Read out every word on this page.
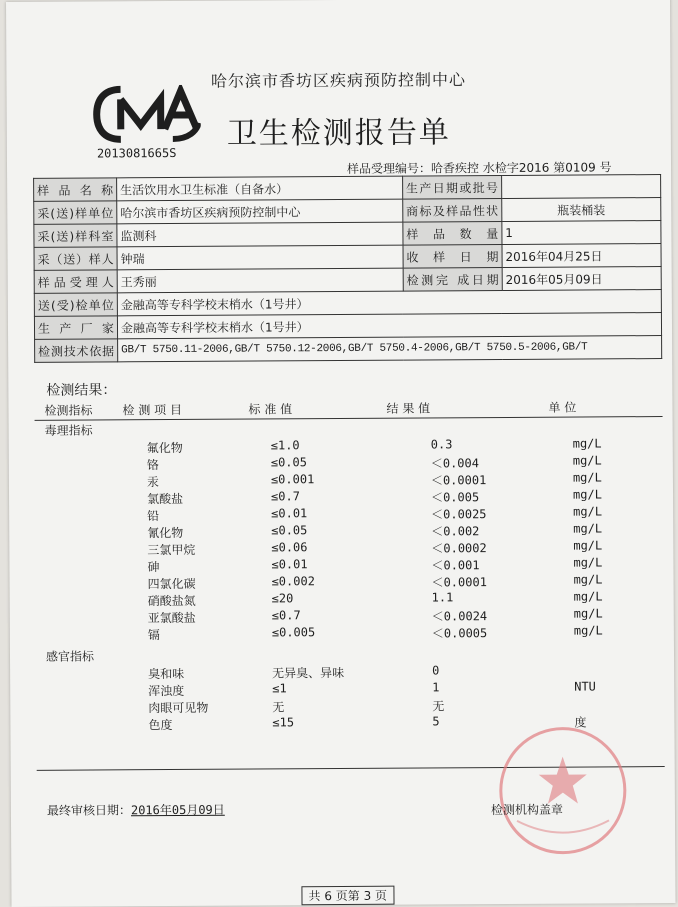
哈尔滨市香坊区疾病预防控制中心
2013081665S
卫生检测报告单
样品受理编号：哈香疾控 水检字2016 第0109 号
样 品 名 称	生活饮用水卫生标准（自备水）	生产日期或批号	
采(送)样单位	哈尔滨市香坊区疾病预防控制中心	商标及样品性状	瓶装桶装
采(送)样科室	监测科	样 品 数 量	1
采（送）样人	钟瑞	收 样 日 期	2016年04月25日
样品受理人	王秀丽	检测完 成日期	2016年05月09日
送(受)检单位	金融高等专科学校末梢水（1号井）		
生 产 厂 家	金融高等专科学校末梢水（1号井）		
检测技术依据	GB/T 5750.11-2006,GB/T 5750.12-2006,GB/T 5750.4-2006,GB/T 5750.5-2006,GB/T		
检测结果：
检测指标 检 测 项 目	标 准 值	结 果 值	单 位
毒理指标
氟化物	≤1.0	0.3	mg/L
铬	≤0.05	＜0.004	mg/L
汞	≤0.001	＜0.0001	mg/L
氯酸盐	≤0.7	＜0.005	mg/L
铅	≤0.01	＜0.0025	mg/L
氰化物	≤0.05	＜0.002	mg/L
三氯甲烷	≤0.06	＜0.0002	mg/L
砷	≤0.01	＜0.001	mg/L
四氯化碳	≤0.002	＜0.0001	mg/L
硝酸盐氮	≤20	1.1	mg/L
亚氯酸盐	≤0.7	＜0.0024	mg/L
镉	≤0.005	＜0.0005	mg/L
感官指标
臭和味	无异臭、异味	0
浑浊度	≤1	1	NTU
肉眼可见物	无	无
色度	≤15	5	度
最终审核日期：2016年05月09日	检测机构盖章
共 6 页第 3 页
